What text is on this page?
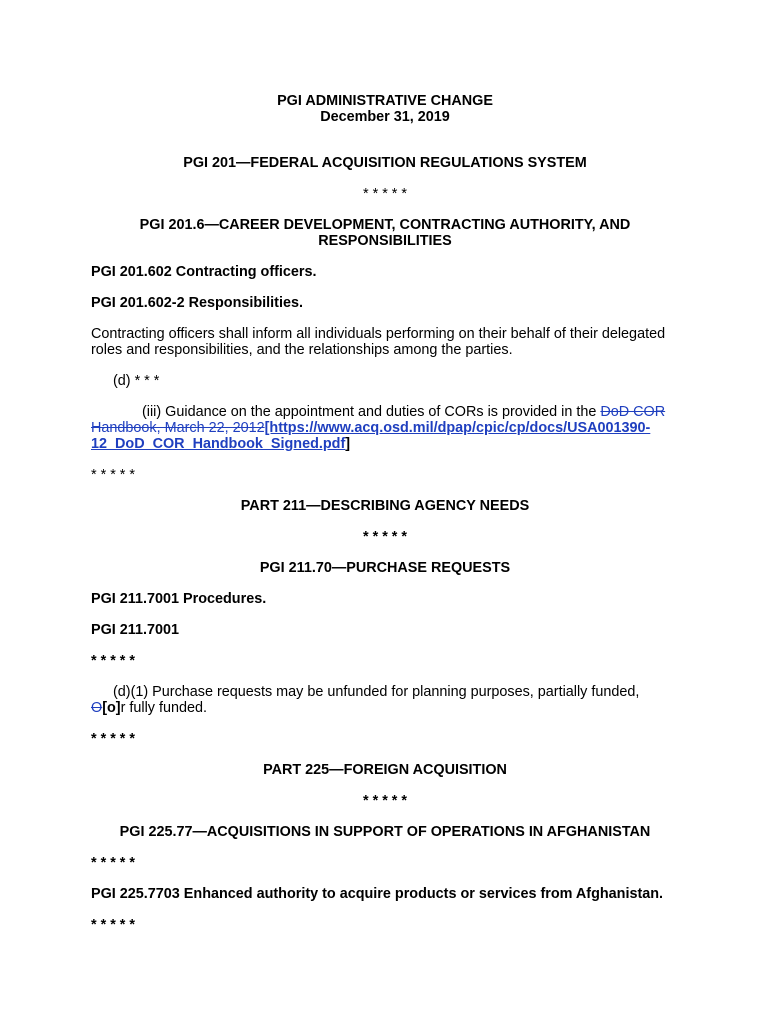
PGI ADMINISTRATIVE CHANGE
December 31, 2019
PGI 201—FEDERAL ACQUISITION REGULATIONS SYSTEM
* * * * *
PGI 201.6—CAREER DEVELOPMENT, CONTRACTING AUTHORITY, AND
RESPONSIBILITIES
PGI 201.602 Contracting officers.
PGI 201.602-2 Responsibilities.
Contracting officers shall inform all individuals performing on their behalf of their delegated
roles and responsibilities, and the relationships among the parties.
(d) * * *
(iii) Guidance on the appointment and duties of CORs is provided in the DoD COR
Handbook, March 22, 2012[https://www.acq.osd.mil/dpap/cpic/cp/docs/USA001390-
12_DoD_COR_Handbook_Signed.pdf]
* * * * *
PART 211—DESCRIBING AGENCY NEEDS
* * * * *
PGI 211.70—PURCHASE REQUESTS
PGI 211.7001 Procedures.
PGI 211.7001
* * * * *
(d)(1) Purchase requests may be unfunded for planning purposes, partially funded,
O[o]r fully funded.
* * * * *
PART 225—FOREIGN ACQUISITION
* * * * *
PGI 225.77—ACQUISITIONS IN SUPPORT OF OPERATIONS IN AFGHANISTAN
* * * * *
PGI 225.7703 Enhanced authority to acquire products or services from Afghanistan.
* * * * *
